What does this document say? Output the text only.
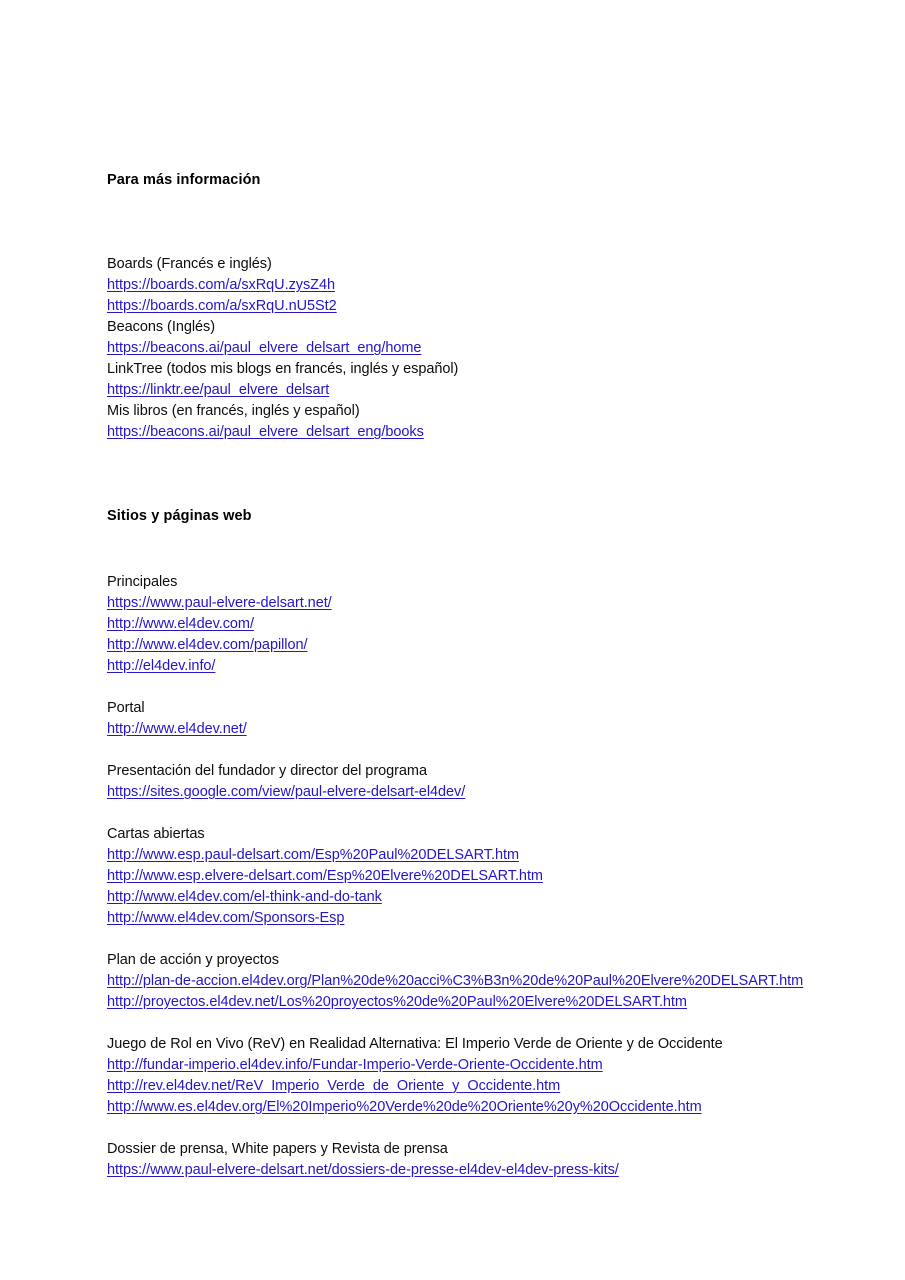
Para más información
Boards (Francés e inglés)
https://boards.com/a/sxRqU.zysZ4h
https://boards.com/a/sxRqU.nU5St2
Beacons (Inglés)
https://beacons.ai/paul_elvere_delsart_eng/home
LinkTree (todos mis blogs en francés, inglés y español)
https://linktr.ee/paul_elvere_delsart
Mis libros (en francés, inglés y español)
https://beacons.ai/paul_elvere_delsart_eng/books
Sitios y páginas web
Principales
https://www.paul-elvere-delsart.net/
http://www.el4dev.com/
http://www.el4dev.com/papillon/
http://el4dev.info/
Portal
http://www.el4dev.net/
Presentación del fundador y director del programa
https://sites.google.com/view/paul-elvere-delsart-el4dev/
Cartas abiertas
http://www.esp.paul-delsart.com/Esp%20Paul%20DELSART.htm
http://www.esp.elvere-delsart.com/Esp%20Elvere%20DELSART.htm
http://www.el4dev.com/el-think-and-do-tank
http://www.el4dev.com/Sponsors-Esp
Plan de acción y proyectos
http://plan-de-accion.el4dev.org/Plan%20de%20acci%C3%B3n%20de%20Paul%20Elvere%20DELSART.htm
http://proyectos.el4dev.net/Los%20proyectos%20de%20Paul%20Elvere%20DELSART.htm
Juego de Rol en Vivo (ReV) en Realidad Alternativa: El Imperio Verde de Oriente y de Occidente
http://fundar-imperio.el4dev.info/Fundar-Imperio-Verde-Oriente-Occidente.htm
http://rev.el4dev.net/ReV_Imperio_Verde_de_Oriente_y_Occidente.htm
http://www.es.el4dev.org/El%20Imperio%20Verde%20de%20Oriente%20y%20Occidente.htm
Dossier de prensa, White papers y Revista de prensa
https://www.paul-elvere-delsart.net/dossiers-de-presse-el4dev-el4dev-press-kits/
